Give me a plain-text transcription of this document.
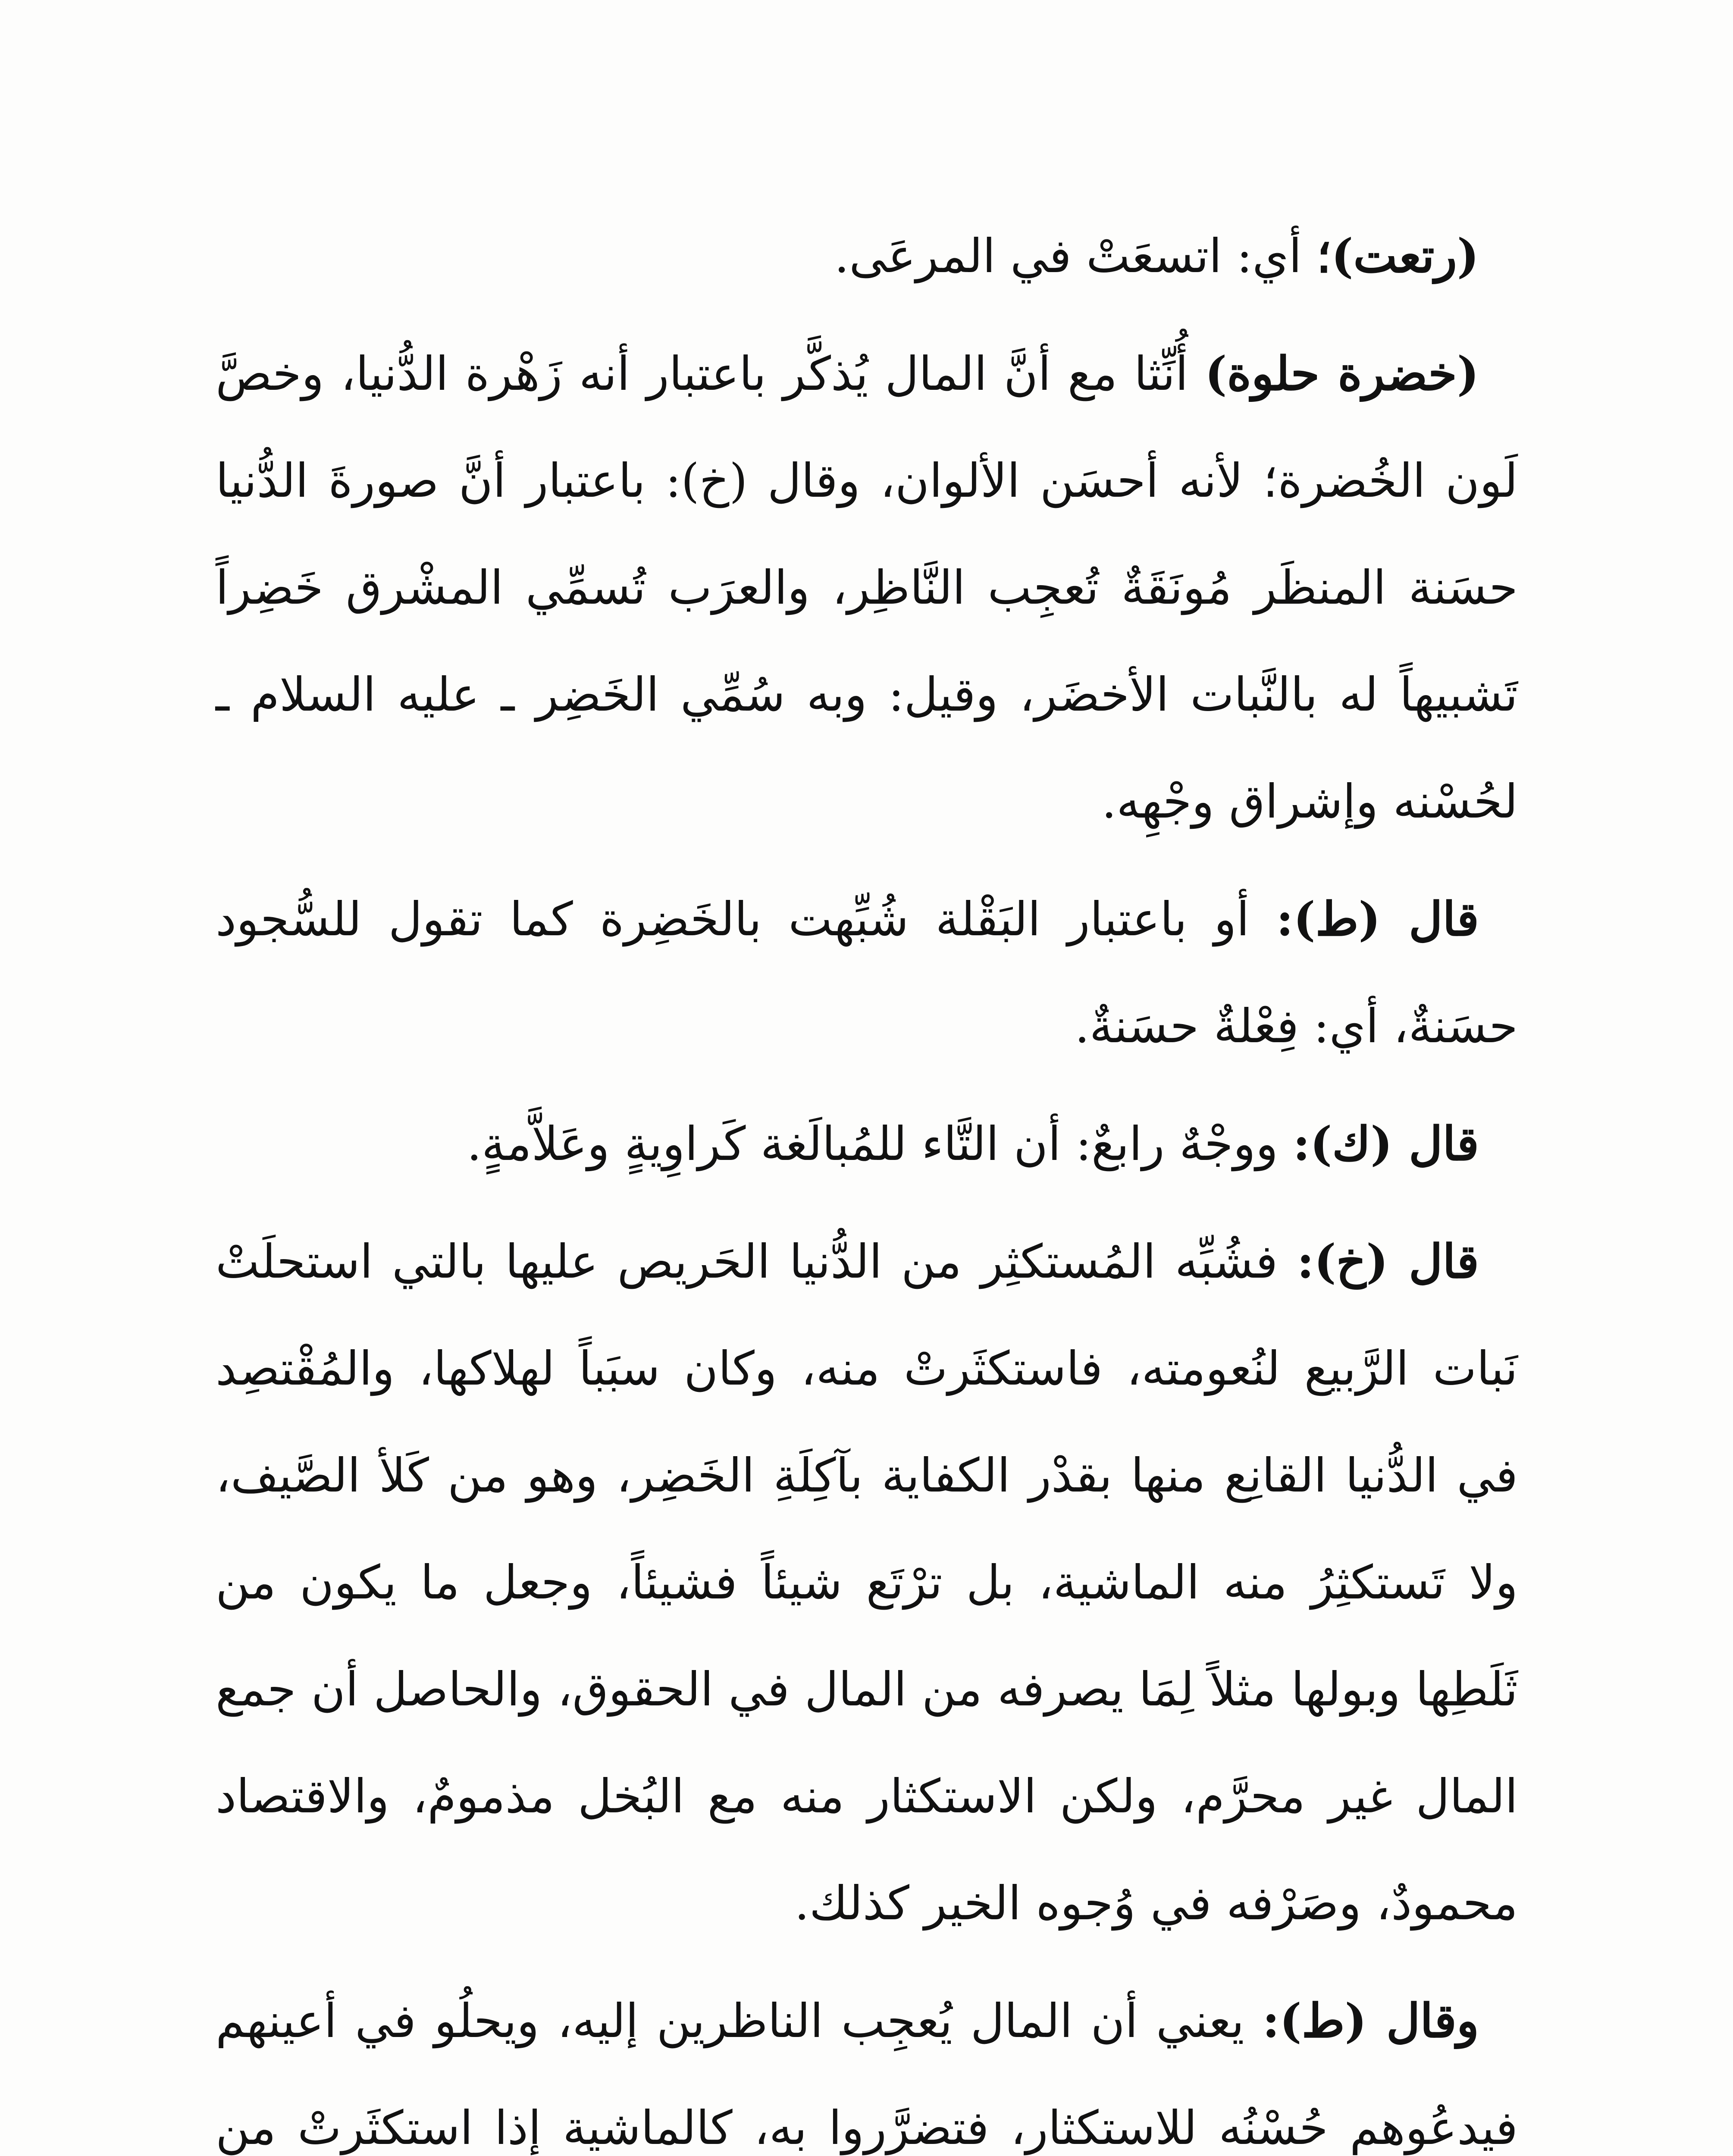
(رتعت)؛ أي: اتسعَتْ في المرعَى.

(خضرة حلوة) أُنِّثا مع أنَّ المال يُذكَّر باعتبار أنه زَهْرة الدُّنيا، وخصَّ لَون الخُضرة؛ لأنه أحسَن الألوان، وقال (خ): باعتبار أنَّ صورةَ الدُّنيا حسَنة المنظَر مُونَقَةٌ تُعجِب النَّاظِر، والعرَب تُسمِّي المشْرق خَضِراً تَشبيهاً له بالنَّبات الأخضَر، وقيل: وبه سُمِّي الخَضِر ـ عليه السلام ـ لحُسْنه وإشراق وجْهِه.

قال (ط): أو باعتبار البَقْلة شُبِّهت بالخَضِرة كما تقول للسُّجود حسَنةٌ، أي: فِعْلةٌ حسَنةٌ.

قال (ك): ووجْهٌ رابعٌ: أن التَّاء للمُبالَغة كَراوِيةٍ وعَلاَّمةٍ.

قال (خ): فشُبِّه المُستكثِر من الدُّنيا الحَريص عليها بالتي استحلَتْ نَبات الرَّبيع لنُعومته، فاستكثَرتْ منه، وكان سبَباً لهلاكها، والمُقْتصِد في الدُّنيا القانِع منها بقدْر الكفاية بآكِلَةِ الخَضِر، وهو من كَلأ الصَّيف، ولا تَستكثِرُ منه الماشية، بل ترْتَع شيئاً فشيئاً، وجعل ما يكون من ثَلَطِها وبولها مثلاً لِمَا يصرفه من المال في الحقوق، والحاصل أن جمع المال غير محرَّم، ولكن الاستكثار منه مع البُخل مذمومٌ، والاقتصاد محمودٌ، وصَرْفه في وُجوه الخير كذلك.

وقال (ط): يعني أن المال يُعجِب الناظرين إليه، ويحلُو في أعينهم فيدعُوهم حُسْنُه للاستكثار، فتضرَّروا به، كالماشية إذا استكثَرتْ من
